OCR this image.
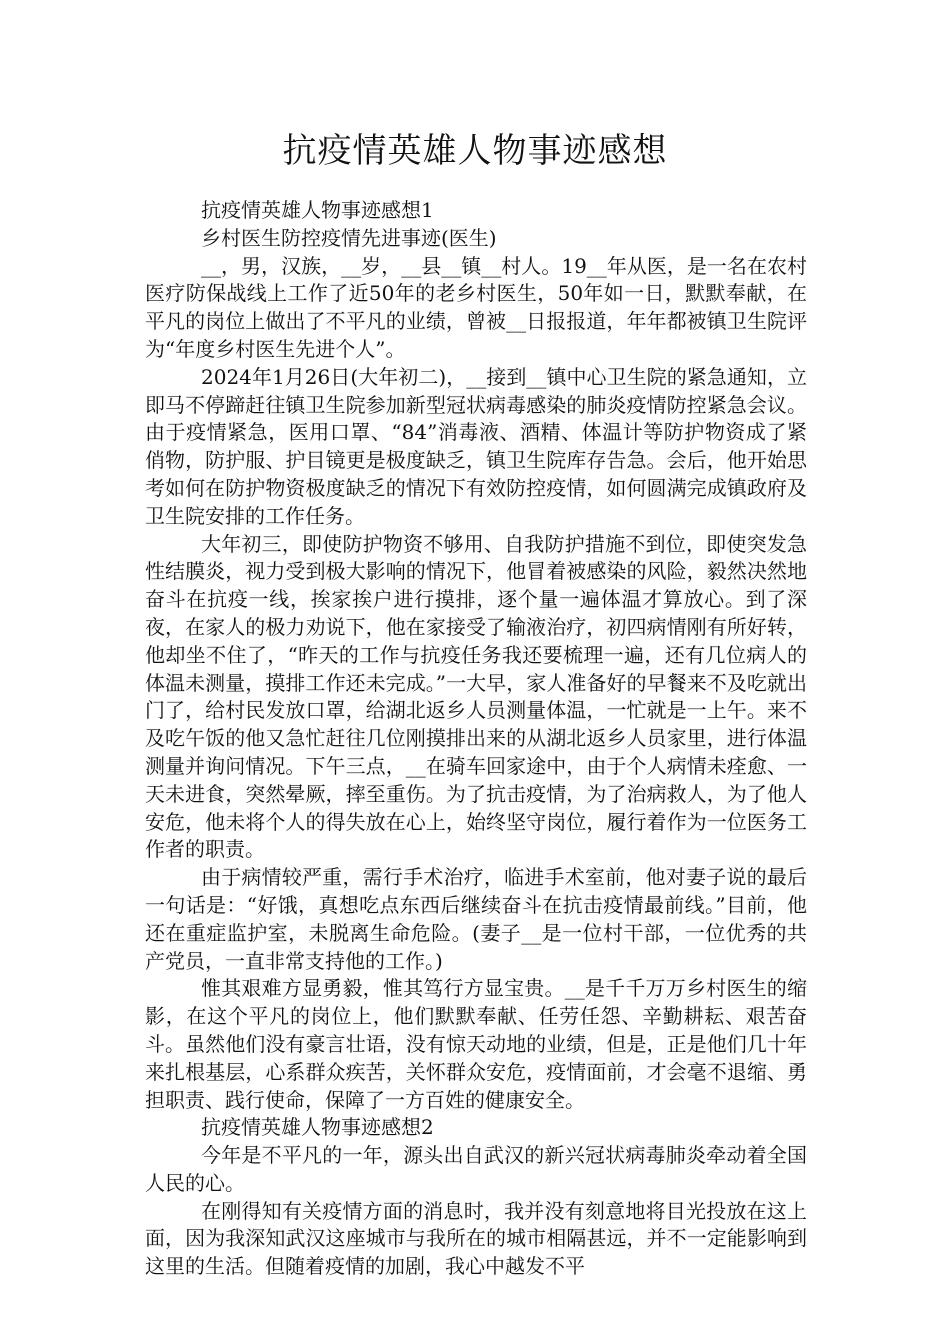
抗疫情英雄人物事迹感想

抗疫情英雄人物事迹感想1

乡村医生防控疫情先进事迹(医生)

__，男，汉族，__岁，__县__镇__村人。19__年从医，是一名在农村医疗防保战线上工作了近50年的老乡村医生，50年如一日，默默奉献，在平凡的岗位上做出了不平凡的业绩，曾被__日报报道，年年都被镇卫生院评为“年度乡村医生先进个人”。

2024年1月26日(大年初二)，__接到__镇中心卫生院的紧急通知，立即马不停蹄赶往镇卫生院参加新型冠状病毒感染的肺炎疫情防控紧急会议。由于疫情紧急，医用口罩、“84”消毒液、酒精、体温计等防护物资成了紧俏物，防护服、护目镜更是极度缺乏，镇卫生院库存告急。会后，他开始思考如何在防护物资极度缺乏的情况下有效防控疫情，如何圆满完成镇政府及卫生院安排的工作任务。

大年初三，即使防护物资不够用、自我防护措施不到位，即使突发急性结膜炎，视力受到极大影响的情况下，他冒着被感染的风险，毅然决然地奋斗在抗疫一线，挨家挨户进行摸排，逐个量一遍体温才算放心。到了深夜，在家人的极力劝说下，他在家接受了输液治疗，初四病情刚有所好转，他却坐不住了，“昨天的工作与抗疫任务我还要梳理一遍，还有几位病人的体温未测量，摸排工作还未完成。”一大早，家人准备好的早餐来不及吃就出门了，给村民发放口罩，给湖北返乡人员测量体温，一忙就是一上午。来不及吃午饭的他又急忙赶往几位刚摸排出来的从湖北返乡人员家里，进行体温测量并询问情况。下午三点，__在骑车回家途中，由于个人病情未痊愈、一天未进食，突然晕厥，摔至重伤。为了抗击疫情，为了治病救人，为了他人安危，他未将个人的得失放在心上，始终坚守岗位，履行着作为一位医务工作者的职责。

由于病情较严重，需行手术治疗，临进手术室前，他对妻子说的最后一句话是：“好饿，真想吃点东西后继续奋斗在抗击疫情最前线。”目前，他还在重症监护室，未脱离生命危险。(妻子__是一位村干部，一位优秀的共产党员，一直非常支持他的工作。)

惟其艰难方显勇毅，惟其笃行方显宝贵。__是千千万万乡村医生的缩影，在这个平凡的岗位上，他们默默奉献、任劳任怨、辛勤耕耘、艰苦奋斗。虽然他们没有豪言壮语，没有惊天动地的业绩，但是，正是他们几十年来扎根基层，心系群众疾苦，关怀群众安危，疫情面前，才会毫不退缩、勇担职责、践行使命，保障了一方百姓的健康安全。

抗疫情英雄人物事迹感想2

今年是不平凡的一年，源头出自武汉的新兴冠状病毒肺炎牵动着全国人民的心。

在刚得知有关疫情方面的消息时，我并没有刻意地将目光投放在这上面，因为我深知武汉这座城市与我所在的城市相隔甚远，并不一定能影响到这里的生活。但随着疫情的加剧，我心中越发不平
